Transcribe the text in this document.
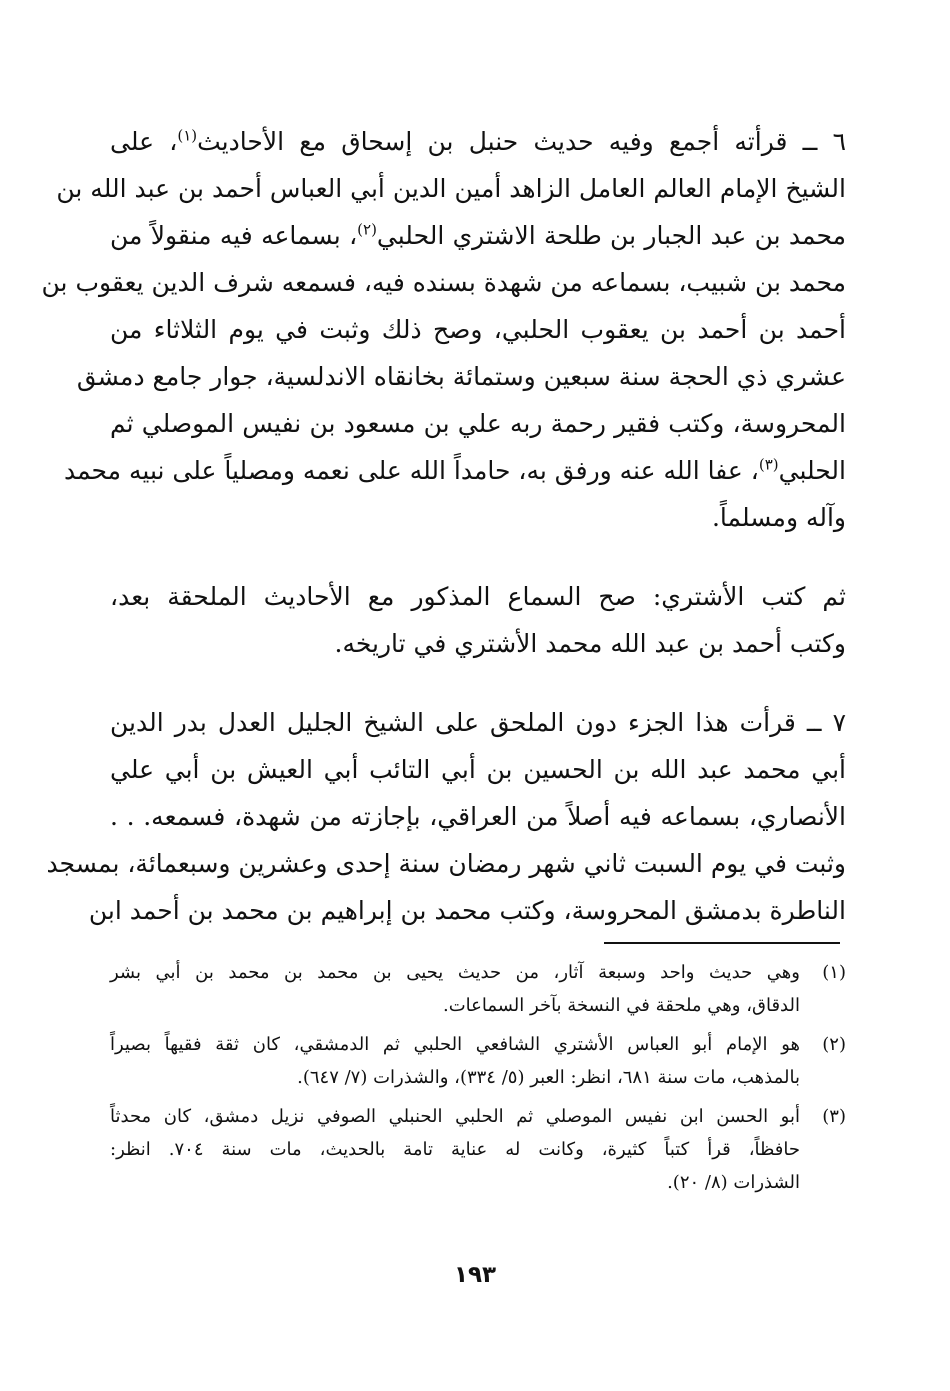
٦ ــ قرأته أجمع وفيه حديث حنبل بن إسحاق مع الأحاديث$^{(١)}$، على
الشيخ الإمام العالم العامل الزاهد أمين الدين أبي العباس أحمد بن عبد الله بن
محمد بن عبد الجبار بن طلحة الاشتري الحلبي$^{(٢)}$، بسماعه فيه منقولاً من
محمد بن شبيب، بسماعه من شهدة بسنده فيه، فسمعه شرف الدين يعقوب بن
أحمد بن أحمد بن يعقوب الحلبي، وصح ذلك وثبت في يوم الثلاثاء من
عشري ذي الحجة سنة سبعين وستمائة بخانقاه الاندلسية، جوار جامع دمشق
المحروسة، وكتب فقير رحمة ربه علي بن مسعود بن نفيس الموصلي ثم
الحلبي$^{(٣)}$، عفا الله عنه ورفق به، حامداً الله على نعمه ومصلياً على نبيه محمد
وآله ومسلماً.

ثم كتب الأشتري: صح السماع المذكور مع الأحاديث الملحقة بعد،
وكتب أحمد بن عبد الله محمد الأشتري في تاريخه.

٧ ــ قرأت هذا الجزء دون الملحق على الشيخ الجليل العدل بدر الدين
أبي محمد عبد الله بن الحسين بن أبي التائب أبي العيش بن أبي علي
الأنصاري، بسماعه فيه أصلاً من العراقي، بإجازته من شهدة، فسمعه. . .
وثبت في يوم السبت ثاني شهر رمضان سنة إحدى وعشرين وسبعمائة، بمسجد
الناطرة بدمشق المحروسة، وكتب محمد بن إبراهيم بن محمد بن أحمد ابن

(١)
وهي حديث واحد وسبعة آثار، من حديث يحيى بن محمد بن محمد بن أبي بشر
الدقاق، وهي ملحقة في النسخة بآخر السماعات.
(٢)
هو الإمام أبو العباس الأشتري الشافعي الحلبي ثم الدمشقي، كان ثقة فقيهاً بصيراً
بالمذهب، مات سنة ٦٨١، انظر: العبر (٥/ ٣٣٤)، والشذرات (٧/ ٦٤٧).
(٣)
أبو الحسن ابن نفيس الموصلي ثم الحلبي الحنبلي الصوفي نزيل دمشق، كان محدثاً
حافظاً، قرأ كتباً كثيرة، وكانت له عناية تامة بالحديث، مات سنة ٧٠٤. انظر:
الشذرات (٨/ ٢٠).
١٩٣
